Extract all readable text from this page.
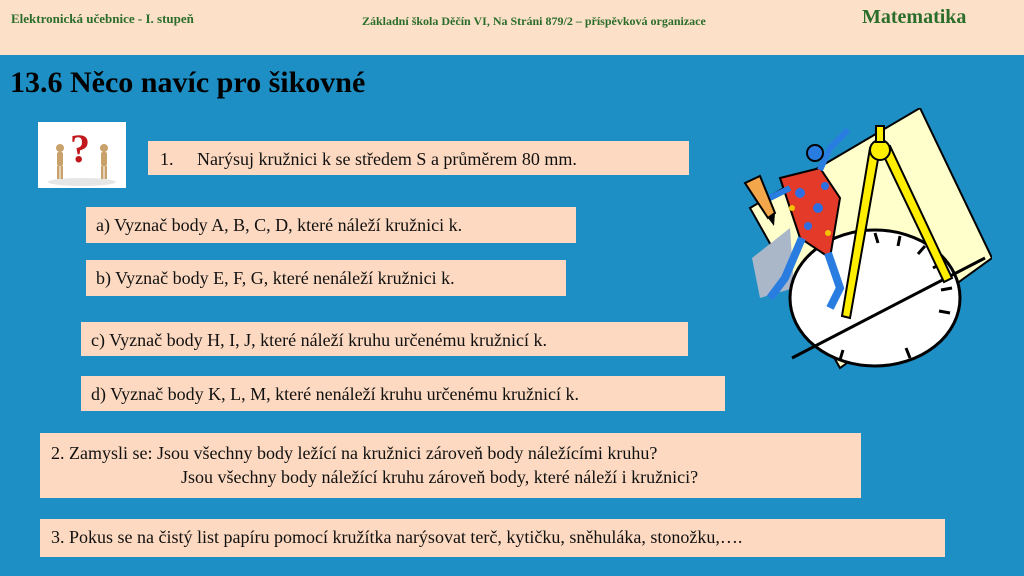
Elektronická učebnice - I. stupeň	Základní škola Děčín VI, Na Stráni 879/2 – příspěvková organizace	Matematika
13.6 Něco navíc pro šikovné
?	1. Narýsuj kružnici k se středem S a průměrem 80 mm.
a) Vyznač body A, B, C, D, které náleží kružnici k.
b) Vyznač body E, F, G, které nenáleží kružnici k.
c) Vyznač body H, I, J, které náleží kruhu určenému kružnicí k.
d) Vyznač body K, L, M, které nenáleží kruhu určenému kružnicí k.
2. Zamysli se: Jsou všechny body ležící na kružnici zároveň body náležícími kruhu?
Jsou všechny body náležící kruhu zároveň body, které náleží i kružnici?
3. Pokus se na čistý list papíru pomocí kružítka narýsovat terč, kytičku, sněhuláka, stonožku,….
